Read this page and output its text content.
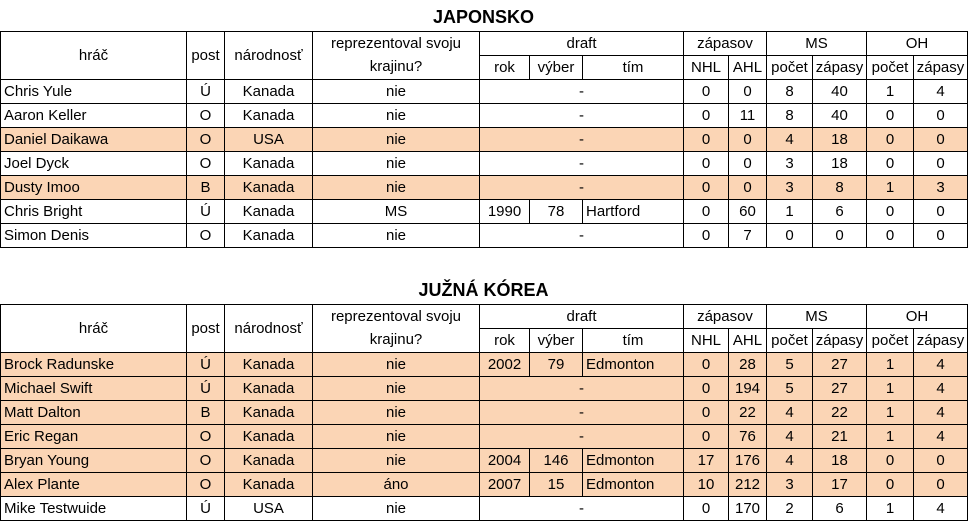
JAPONSKO
hráč	post	národnosť	reprezentoval svoju	draft			zápasov		MS		OH	
			krajinu?	rok	výber	tím	NHL	AHL	počet	zápasy	počet	zápasy
Chris Yule	Ú	Kanada	nie	-			0	0	8	40	1	4
Aaron Keller	O	Kanada	nie	-			0	11	8	40	0	0
Daniel Daikawa	O	USA	nie	-			0	0	4	18	0	0
Joel Dyck	O	Kanada	nie	-			0	0	3	18	0	0
Dusty Imoo	B	Kanada	nie	-			0	0	3	8	1	3
Chris Bright	Ú	Kanada	MS	1990	78	Hartford	0	60	1	6	0	0
Simon Denis	O	Kanada	nie	-			0	7	0	0	0	0
JUŽNÁ KÓREA
hráč	post	národnosť	reprezentoval svoju	draft			zápasov		MS		OH	
			krajinu?	rok	výber	tím	NHL	AHL	počet	zápasy	počet	zápasy
Brock Radunske	Ú	Kanada	nie	2002	79	Edmonton	0	28	5	27	1	4
Michael Swift	Ú	Kanada	nie	-			0	194	5	27	1	4
Matt Dalton	B	Kanada	nie	-			0	22	4	22	1	4
Eric Regan	O	Kanada	nie	-			0	76	4	21	1	4
Bryan Young	O	Kanada	nie	2004	146	Edmonton	17	176	4	18	0	0
Alex Plante	O	Kanada	áno	2007	15	Edmonton	10	212	3	17	0	0
Mike Testwuide	Ú	USA	nie	-			0	170	2	6	1	4
